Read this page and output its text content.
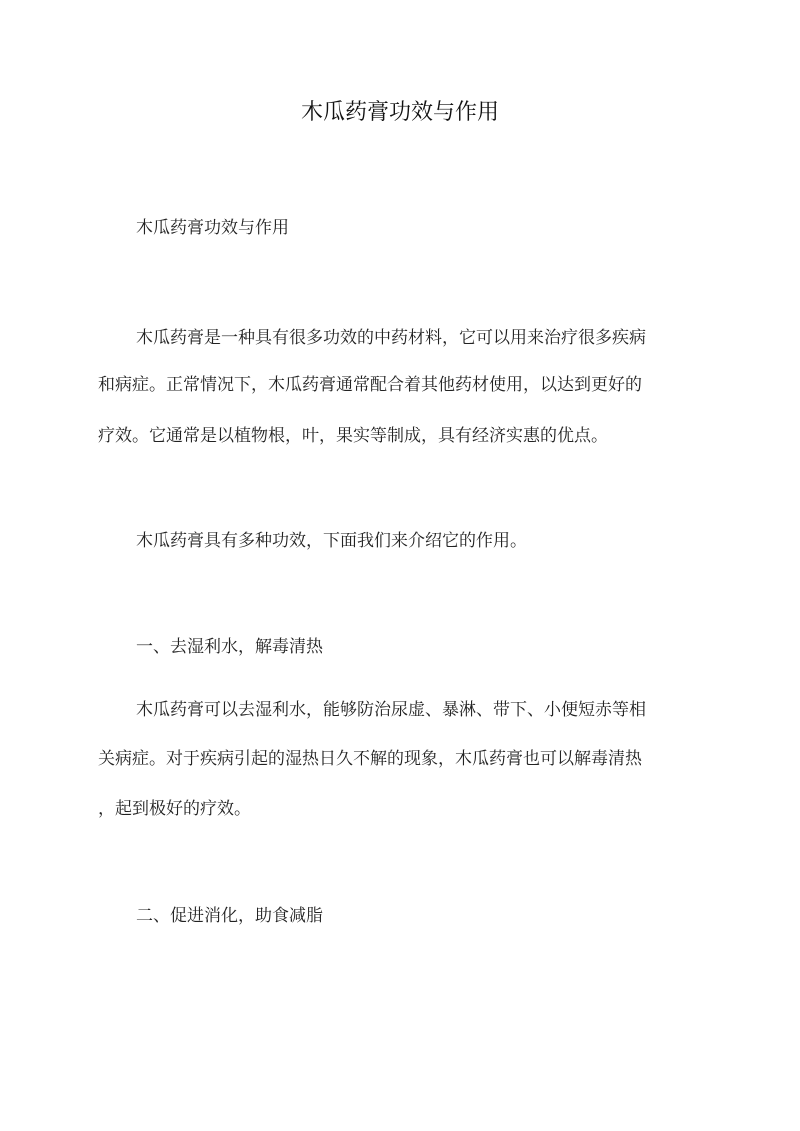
木瓜药膏功效与作用
木瓜药膏功效与作用
木瓜药膏是一种具有很多功效的中药材料，它可以用来治疗很多疾病
和病症。正常情况下，木瓜药膏通常配合着其他药材使用，以达到更好的
疗效。它通常是以植物根，叶，果实等制成，具有经济实惠的优点。
木瓜药膏具有多种功效，下面我们来介绍它的作用。
一、去湿利水，解毒清热
木瓜药膏可以去湿利水，能够防治尿虚、暴淋、带下、小便短赤等相
关病症。对于疾病引起的湿热日久不解的现象，木瓜药膏也可以解毒清热
，起到极好的疗效。
二、促进消化，助食减脂
